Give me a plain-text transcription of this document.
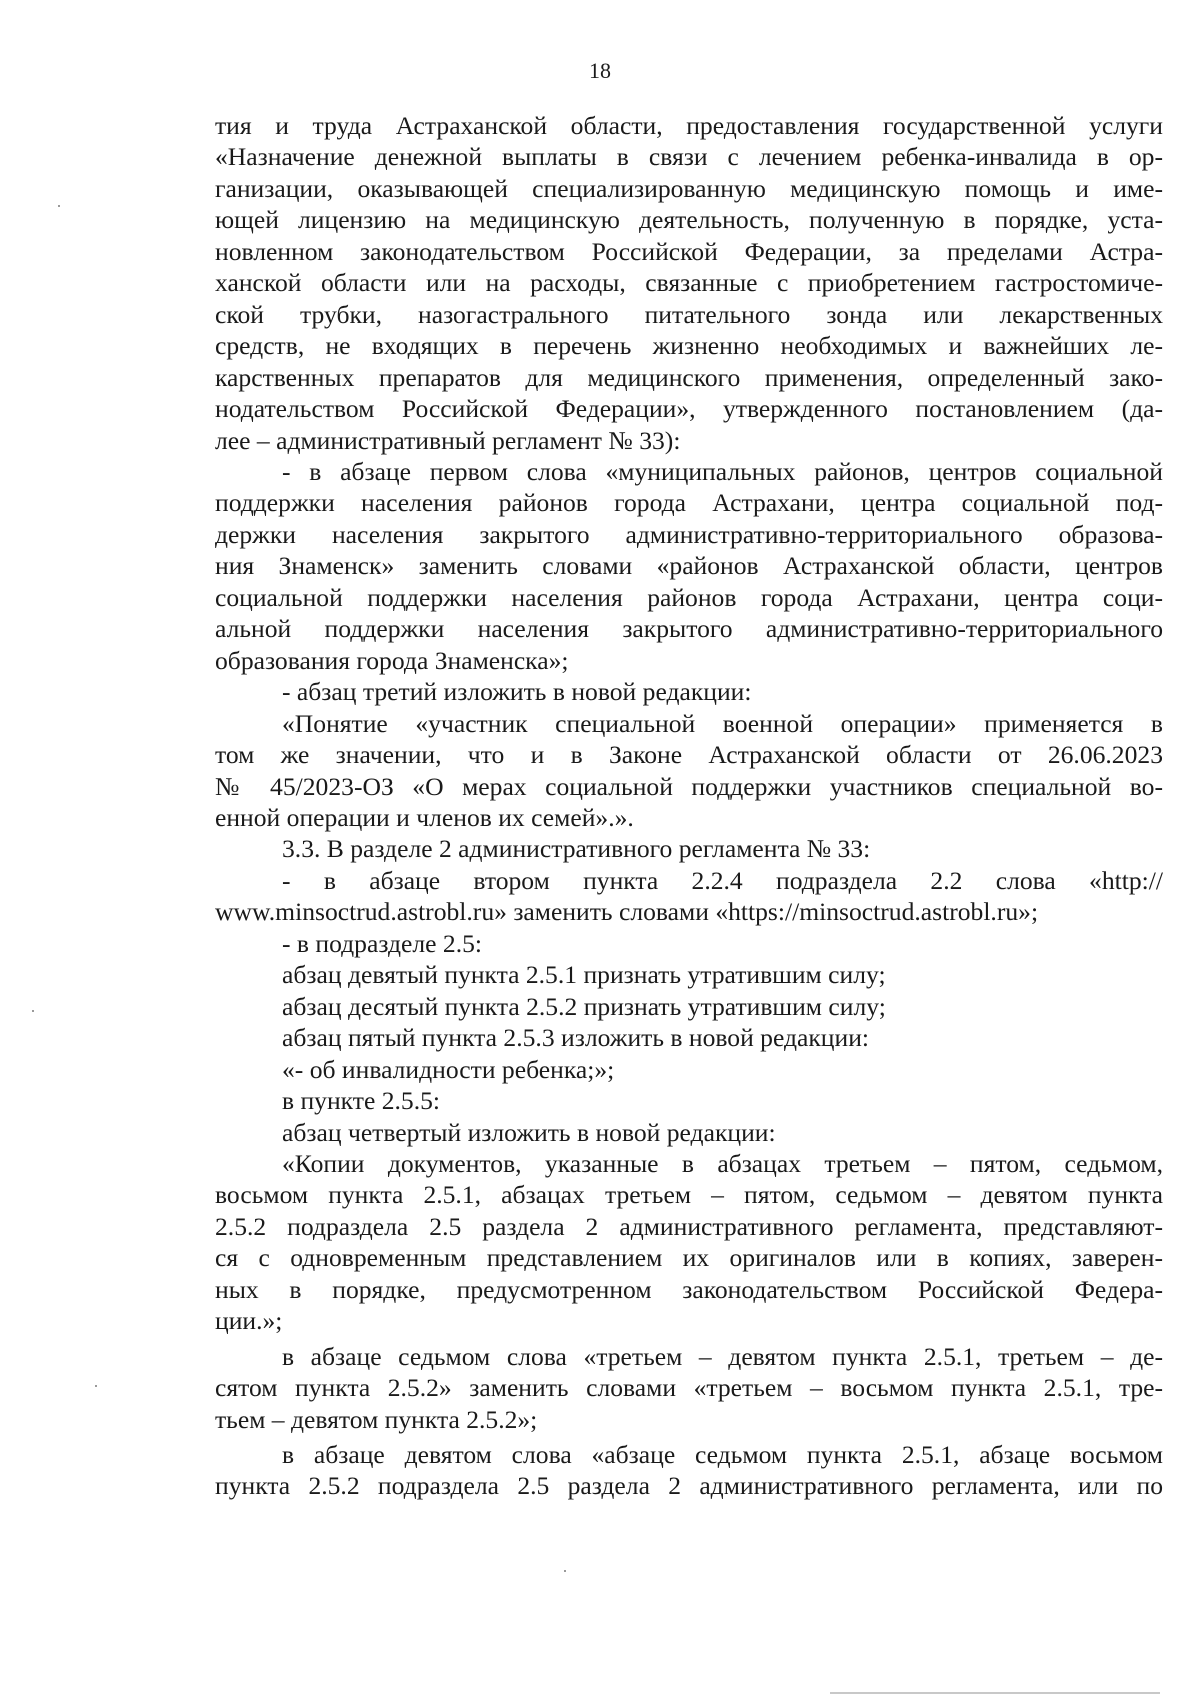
18

тия и труда Астраханской области, предоставления государственной услуги

«Назначение денежной выплаты в связи с лечением ребенка-инвалида в ор-

ганизации, оказывающей специализированную медицинскую помощь и име-

ющей лицензию на медицинскую деятельность, полученную в порядке, уста-

новленном законодательством Российской Федерации, за пределами Астра-

ханской области или на расходы, связанные с приобретением гастростомиче-

ской трубки, назогастрального питательного зонда или лекарственных

средств, не входящих в перечень жизненно необходимых и важнейших ле-

карственных препаратов для медицинского применения, определенный зако-

нодательством Российской Федерации», утвержденного постановлением (да-

лее – административный регламент № 33):

- в абзаце первом слова «муниципальных районов, центров социальной

поддержки населения районов города Астрахани, центра социальной под-

держки населения закрытого административно-территориального образова-

ния Знаменск» заменить словами «районов Астраханской области, центров

социальной поддержки населения районов города Астрахани, центра соци-

альной поддержки населения закрытого административно-территориального

образования города Знаменска»;

- абзац третий изложить в новой редакции:

«Понятие «участник специальной военной операции» применяется в

том же значении, что и в Законе Астраханской области от 26.06.2023

№ 45/2023-ОЗ «О мерах социальной поддержки участников специальной во-

енной операции и членов их семей».».

3.3. В разделе 2 административного регламента № 33:

- в абзаце втором пункта 2.2.4 подраздела 2.2 слова «http://

www.minsoctrud.astrobl.ru» заменить словами «https://minsoctrud.astrobl.ru»;

- в подразделе 2.5:

абзац девятый пункта 2.5.1 признать утратившим силу;

абзац десятый пункта 2.5.2 признать утратившим силу;

абзац пятый пункта 2.5.3 изложить в новой редакции:

«- об инвалидности ребенка;»;

в пункте 2.5.5:

абзац четвертый изложить в новой редакции:

«Копии документов, указанные в абзацах третьем – пятом, седьмом,

восьмом пункта 2.5.1, абзацах третьем – пятом, седьмом – девятом пункта

2.5.2 подраздела 2.5 раздела 2 административного регламента, представляют-

ся с одновременным представлением их оригиналов или в копиях, заверен-

ных в порядке, предусмотренном законодательством Российской Федера-

ции.»;

в абзаце седьмом слова «третьем – девятом пункта 2.5.1, третьем – де-

сятом пункта 2.5.2» заменить словами «третьем – восьмом пункта 2.5.1, тре-

тьем – девятом пункта 2.5.2»;

в абзаце девятом слова «абзаце седьмом пункта 2.5.1, абзаце восьмом

пункта 2.5.2 подраздела 2.5 раздела 2 административного регламента, или по
